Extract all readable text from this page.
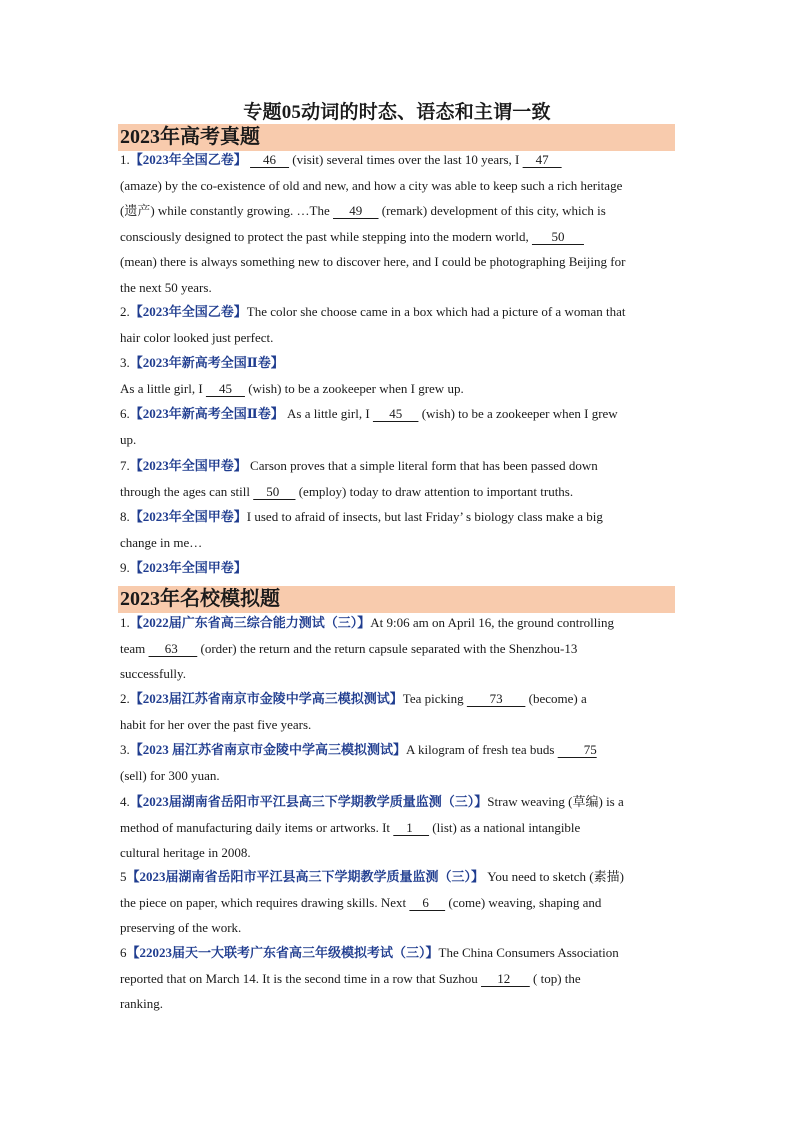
专题05动词的时态、语态和主谓一致
2023年高考真题
1.【2023年全国乙卷】     46     (visit) several times over the last 10 years, I     47
(amaze) by the co-existence of old and new, and how a city was able to keep such a rich heritage
(遗产) while constantly growing. …The      49      (remark) development of this city, which is
consciously designed to protect the past while stepping into the modern world,       50
(mean) there is always something new to discover here, and I could be photographing Beijing for
the next 50 years.
2.【2023年全国乙卷】The color she choose came in a box which had a picture of a woman that
hair color looked just perfect.
3.【2023年新高考全国Ⅱ卷】
As a little girl, I     45     (wish) to be a zookeeper when I grew up.
6.【2023年新高考全国Ⅱ卷】 As a little girl, I      45      (wish) to be a zookeeper when I grew
up.
7.【2023年全国甲卷】 Carson proves that a simple literal form that has been passed down
through the ages can still     50      (employ) today to draw attention to important truths.
8.【2023年全国甲卷】I used to afraid of insects, but last Friday’ s biology class make a big
change in me…
9.【2023年全国甲卷】
2023年名校模拟题
1.【2022届广东省高三综合能力测试（三）】At 9:06 am on April 16, the ground controlling
team      63       (order) the return and the return capsule separated with the Shenzhou-13
successfully.
2.【2023届江苏省南京市金陵中学高三模拟测试】Tea picking        73        (become) a
habit for her over the past five years.
3.【2023 届江苏省南京市金陵中学高三模拟测试】A kilogram of fresh tea buds         75
(sell) for 300 yuan.
4.【2023届湖南省岳阳市平江县高三下学期教学质量监测（三）】Straw weaving (草编) is a
method of manufacturing daily items or artworks. It     1      (list) as a national intangible
cultural heritage in 2008.
5【2023届湖南省岳阳市平江县高三下学期教学质量监测（三）】 You need to sketch (素描)
the piece on paper, which requires drawing skills. Next     6      (come) weaving, shaping and
preserving of the work.
6【22023届天一大联考广东省高三年级模拟考试（三）】The China Consumers Association
reported that on March 14. It is the second time in a row that Suzhou      12       ( top) the
ranking.
